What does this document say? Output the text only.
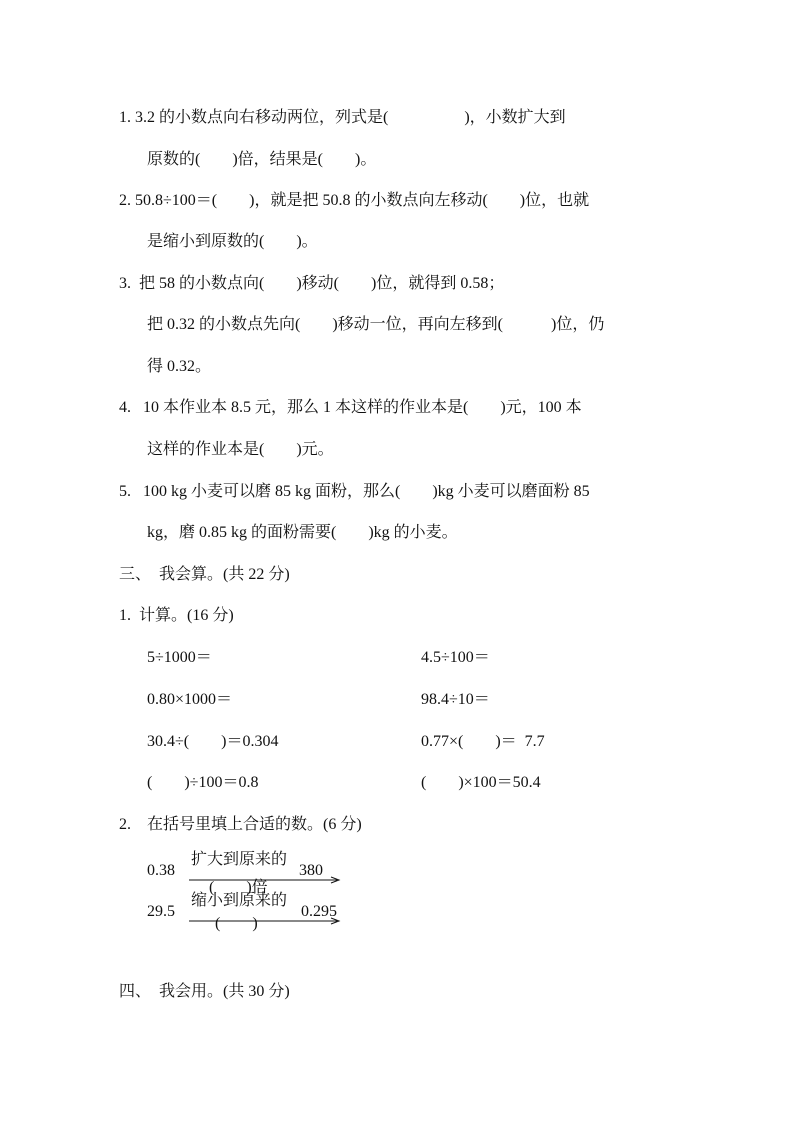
1. 3.2 的小数点向右移动两位，列式是(                   )，小数扩大到
原数的(        )倍，结果是(        )。
2. 50.8÷100＝(        )，就是把 50.8 的小数点向左移动(        )位，也就
是缩小到原数的(        )。
3.  把 58 的小数点向(        )移动(        )位，就得到 0.58；
把 0.32 的小数点先向(        )移动一位，再向左移到(            )位，仍
得 0.32。
4.   10 本作业本 8.5 元，那么 1 本这样的作业本是(        )元，100 本
这样的作业本是(        )元。
5.   100 kg 小麦可以磨 85 kg 面粉，那么(        )kg 小麦可以磨面粉 85
kg，磨 0.85 kg 的面粉需要(        )kg 的小麦。
三、  我会算。(共 22 分)
1.  计算。(16 分)
5÷1000＝	4.5÷100＝
0.80×1000＝	98.4÷10＝
30.4÷(        )＝0.304	0.77×(        )＝  7.7
(        )÷100＝0.8	(        )×100＝50.4
2.    在括号里填上合适的数。(6 分)
0.38
扩大到原来的
(        )倍
380
29.5
缩小到原来的
(        )
0.295
四、  我会用。(共 30 分)
